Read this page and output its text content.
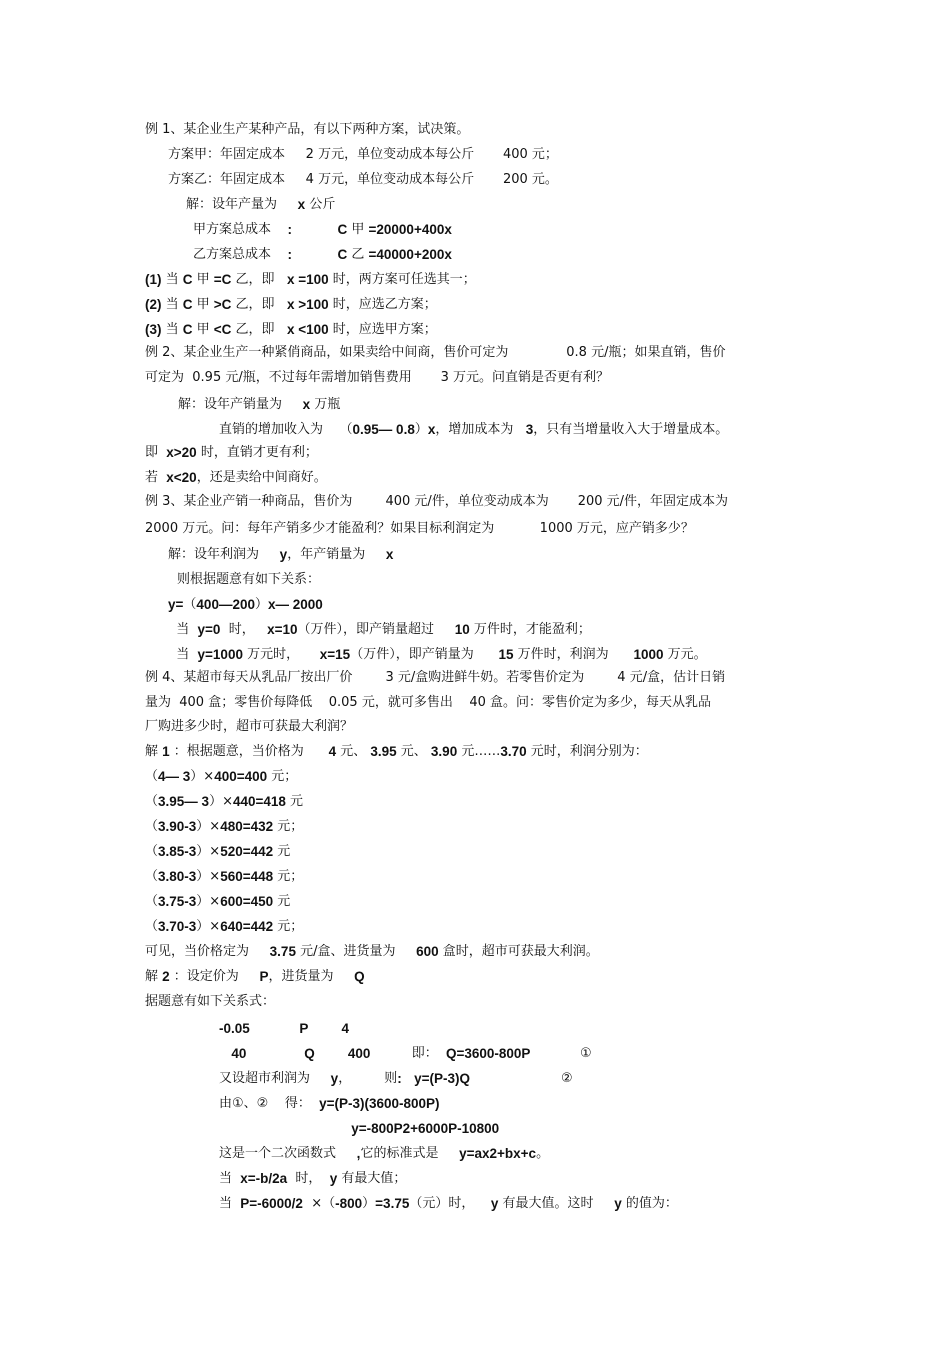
例 1、某企业生产某种产品，有以下两种方案，试决策。

方案甲：年固定成本     2 万元，单位变动成本每公斤       400 元；

方案乙：年固定成本     4 万元，单位变动成本每公斤       200 元。

解：设年产量为 x 公斤

甲方案总成本 :
	C 甲 =20000+400x

乙方案总成本 :
	C 乙 =40000+200x

(1) 当 C 甲 =C 乙，即 x =100 时，两方案可任选其一；

(2) 当 C 甲 >C 乙，即 x >100 时，应选乙方案；

(3) 当 C 甲 <C 乙，即 x <100 时，应选甲方案；

例 2、某企业生产一种紧俏商品，如果卖给中间商，售价可定为              0.8 元/瓶；如果直销，售价

可定为  0.95 元/瓶，不过每年需增加销售费用       3 万元。问直销是否更有利？

解：设年产销量为 x 万瓶

直销的增加收入为    （ 0.95— 0.8 ） x ，增加成本为 3 ，只有当增量收入大于增量成本。

即 x>20 时，直销才更有利；

若 x<20 ，还是卖给中间商好。

例 3、某企业产销一种商品，售价为        400 元/件，单位变动成本为       200 元/件，年固定成本为

2000 万元。问：每年产销多少才能盈利？如果目标利润定为           1000 万元，应产销多少？

解：设年利润为 y ，年产销量为 x

则根据题意有如下关系：

y= （ 400—200 ） x— 2000

当 y=0 时， x=10 （万件），即产销量超过 10 万件时，才能盈利；

当 y=1000 万元时， x=15 （万件），即产销量为 15 万件时，利润为 1000 万元。

例 4、某超市每天从乳品厂按出厂价        3 元/盒购进鲜牛奶。若零售价定为        4 元/盒，估计日销

量为  400 盒；零售价每降低    0.05 元，就可多售出    40 盒。问：零售价定为多少，每天从乳品

厂购进多少时，超市可获最大利润？

解 1 ：根据题意，当价格为 4 元、 3.95 元、 3.90 元…… 3.70 元时，利润分别为：

（ 4— 3 ）× 400=400 元；

（ 3.95— 3 ）× 440=418 元

（ 3.90-3 ）× 480=432 元；

（ 3.85-3 ）× 520=442 元

（ 3.80-3 ）× 560=448 元；

（ 3.75-3 ）× 600=450 元

（ 3.70-3 ）× 640=442 元；

可见，当价格定为 3.75 元/盒、进货量为 600 盒时，超市可获最大利润。

解 2 ：设定价为 P ，进货量为 Q

据题意有如下关系式：

-0.05
	P
4

40
	Q
400 即： Q=3600-800P ①

又设超市利润为 y ，        则 :
y=(P-3)Q ②

由①、②    得： y=(P-3)(3600-800P)

y=-800P2+6000P-10800

这是一个二次函数式 , 它的标准式是 y=ax2+bx+c 。

当 x=-b/2a 时， y 有最大值；

当 P=-6000/2 ×（ -800 ） =3.75 （元）时， y 有最大值。这时 y 的值为：
